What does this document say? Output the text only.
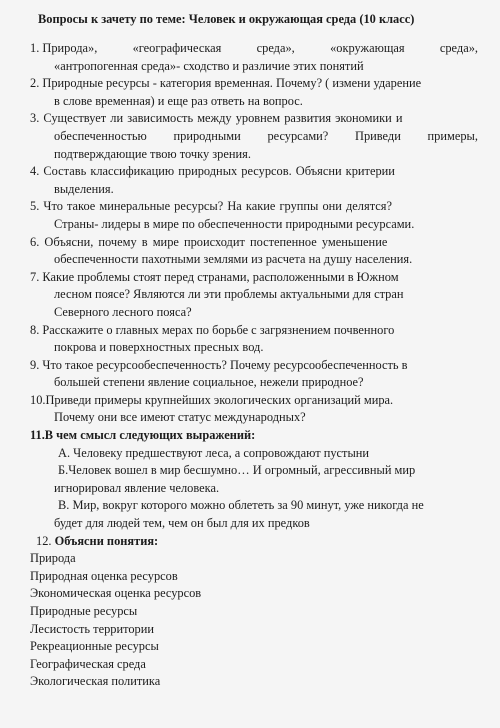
Вопросы к зачету по теме: Человек и окружающая среда (10 класс)
1. Природа»,	«географическая	среда»,	«окружающая	среда»,
«антропогенная среда»- сходство и различие этих понятий
2. Природные ресурсы - категория временная. Почему? ( измени ударение
в слове временная) и еще раз ответь на вопрос.
3. Существует ли зависимость между уровнем развития экономики и
обеспеченностью природными ресурсами? Приведи примеры,
подтверждающие твою точку зрения.
4. Составь классификацию природных ресурсов. Объясни критерии
выделения.
5. Что такое минеральные ресурсы? На какие группы они делятся?
Страны- лидеры в мире по обеспеченности природными ресурсами.
6. Объясни, почему в мире происходит постепенное уменьшение
обеспеченности пахотными землями из расчета на душу населения.
7. Какие проблемы стоят перед странами, расположенными в Южном
лесном поясе? Являются ли эти проблемы актуальными для стран
Северного лесного пояса?
8. Расскажите о главных мерах по борьбе с загрязнением почвенного
покрова и поверхностных пресных вод.
9. Что такое ресурсообеспеченность? Почему ресурсообеспеченность в
большей степени явление социальное, нежели природное?
10.Приведи примеры крупнейших экологических организаций мира.
Почему они все имеют статус международных?
11.В чем смысл следующих выражений:
А. Человеку предшествуют леса, а сопровождают пустыни
Б.Человек вошел в мир бесшумно… И огромный, агрессивный мир
игнорировал явление человека.
В. Мир, вокруг которого можно облететь за 90 минут, уже никогда не
будет для людей тем, чем он был для их предков
12. Объясни понятия:
Природа
Природная оценка ресурсов
Экономическая оценка ресурсов
Природные ресурсы
Лесистость территории
Рекреационные ресурсы
Географическая среда
Экологическая политика
